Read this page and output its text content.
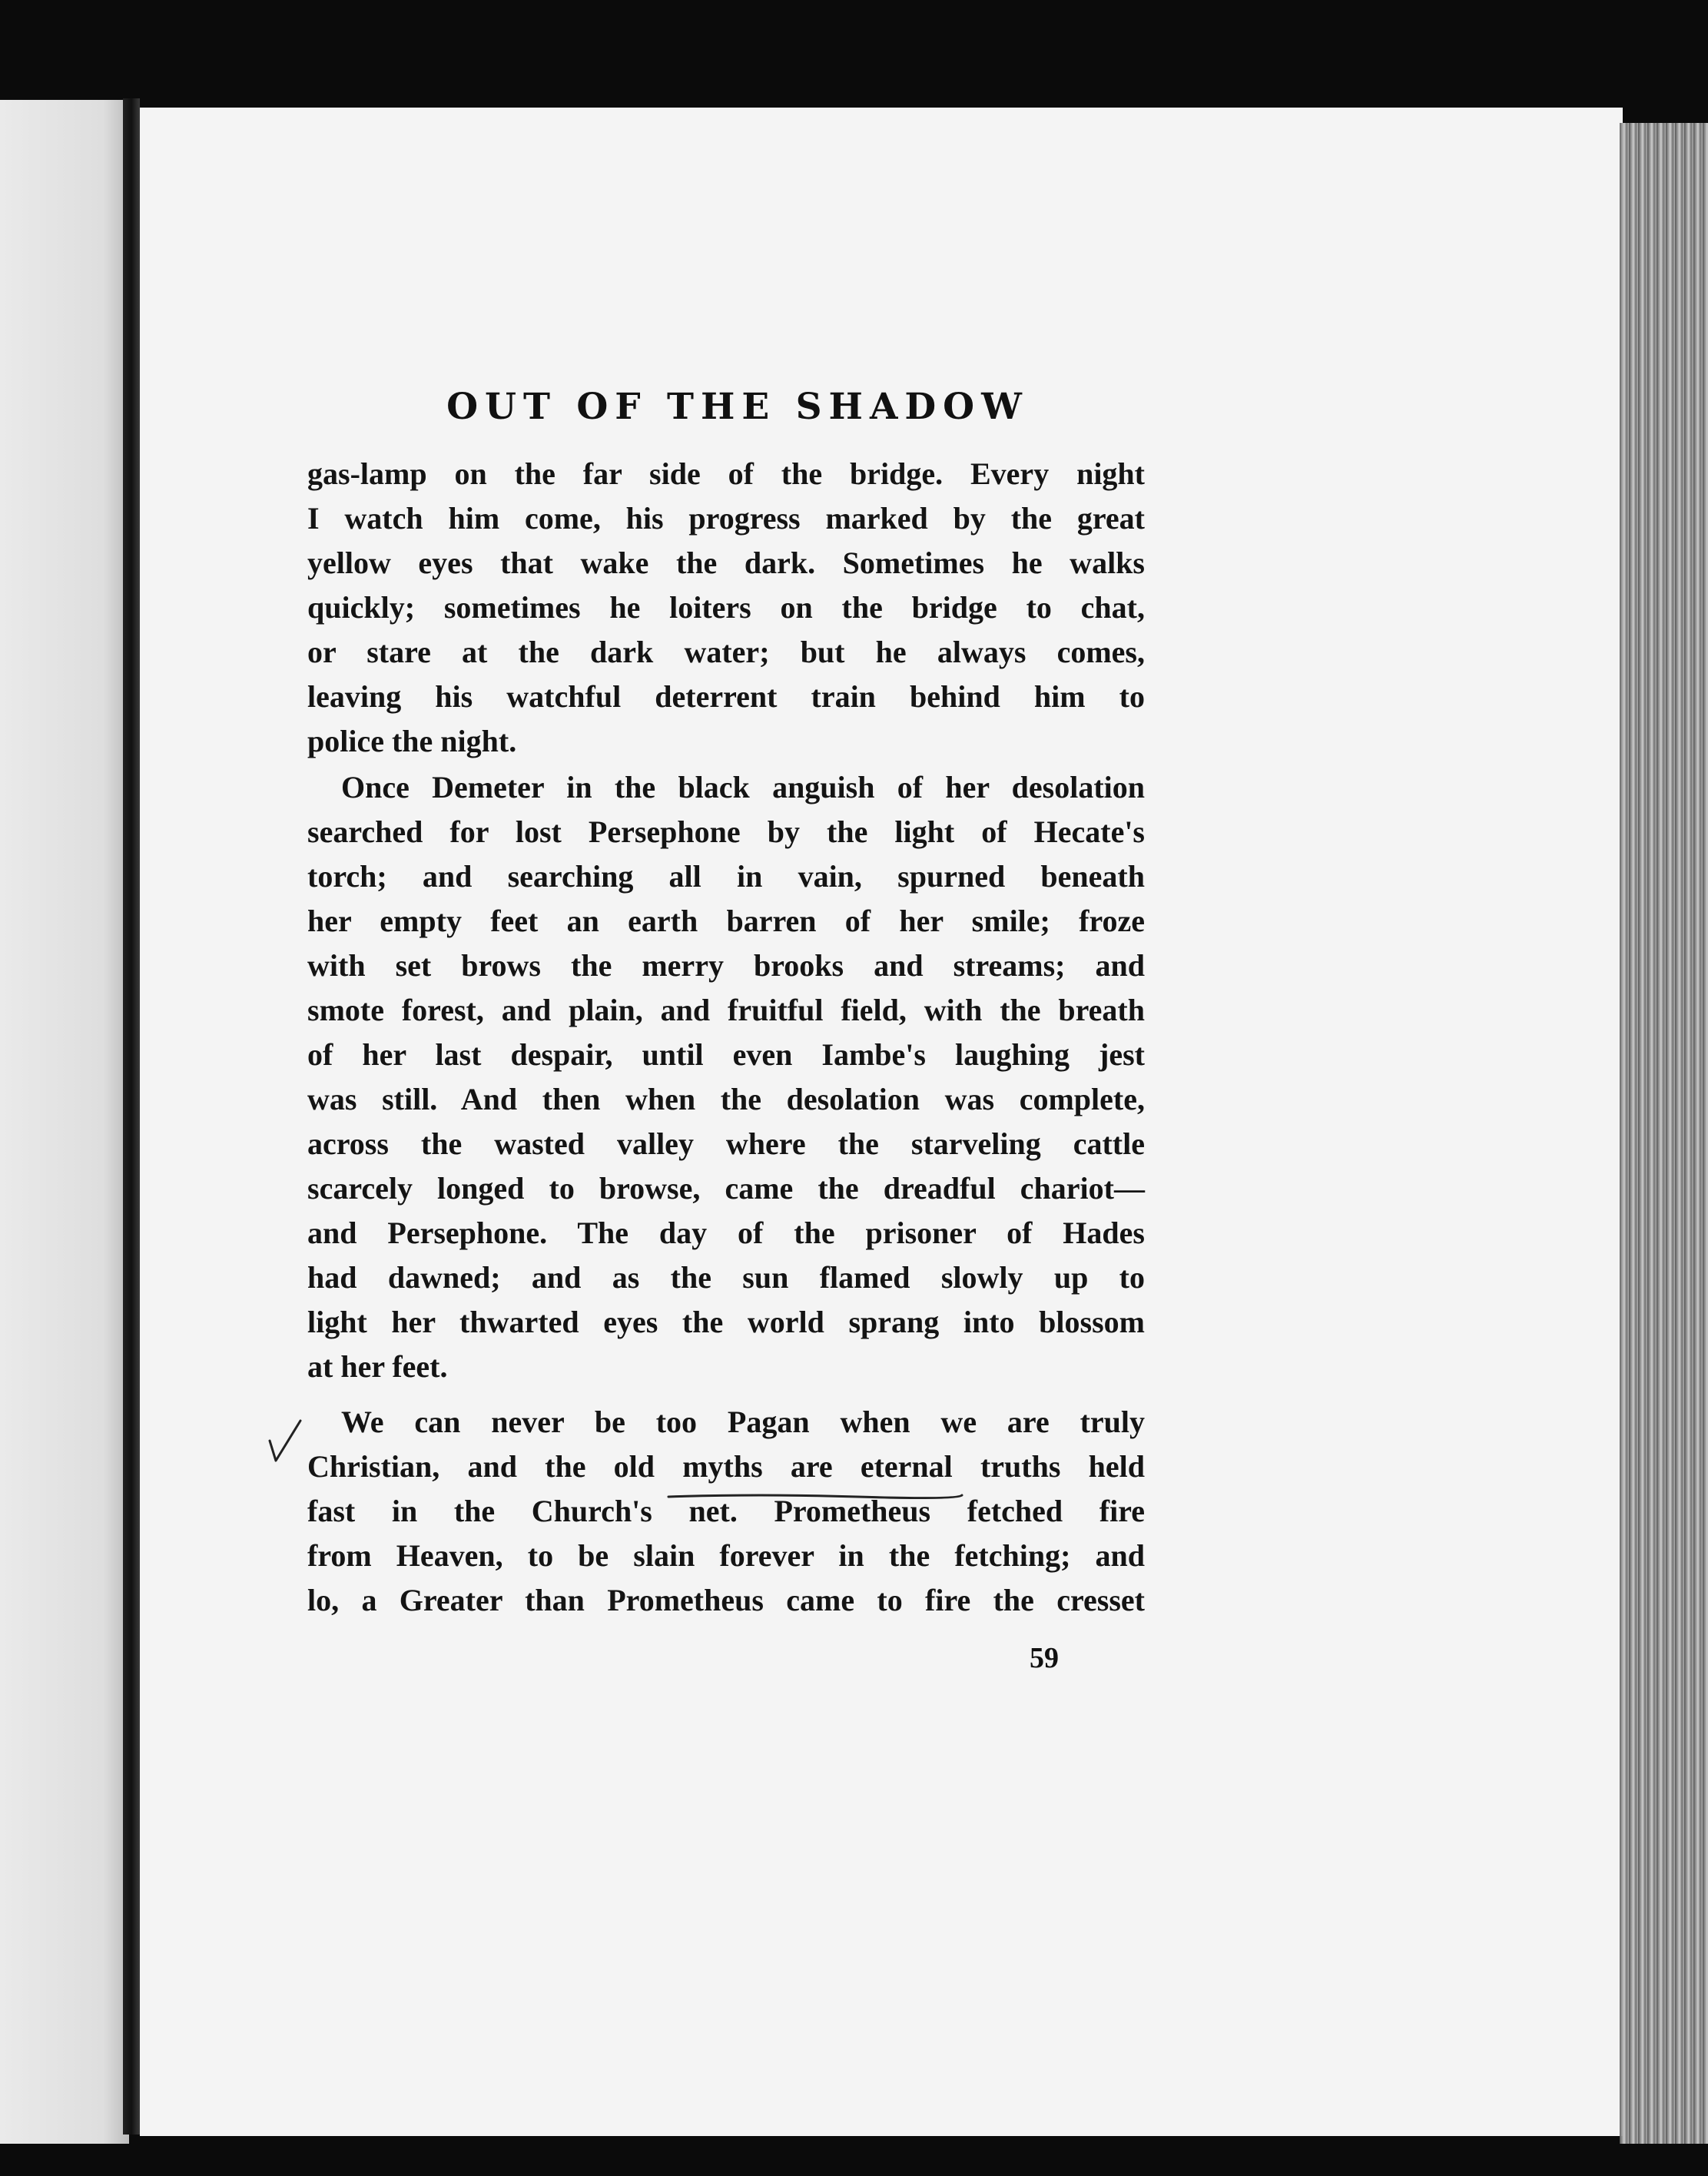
OUT OF THE SHADOW
gas-lamp on the far side of the bridge. Every night
I watch him come, his progress marked by the great
yellow eyes that wake the dark. Sometimes he walks
quickly; sometimes he loiters on the bridge to chat,
or stare at the dark water; but he always comes,
leaving his watchful deterrent train behind him to
police the night.
Once Demeter in the black anguish of her desolation
searched for lost Persephone by the light of Hecate's
torch; and searching all in vain, spurned beneath
her empty feet an earth barren of her smile; froze
with set brows the merry brooks and streams; and
smote forest, and plain, and fruitful field, with the breath
of her last despair, until even Iambe's laughing jest
was still. And then when the desolation was complete,
across the wasted valley where the starveling cattle
scarcely longed to browse, came the dreadful chariot—
and Persephone. The day of the prisoner of Hades
had dawned; and as the sun flamed slowly up to
light her thwarted eyes the world sprang into blossom
at her feet.
We can never be too Pagan when we are truly
Christian, and the old myths are eternal truths held
fast in the Church's net. Prometheus fetched fire
from Heaven, to be slain forever in the fetching; and
lo, a Greater than Prometheus came to fire the cresset
59
